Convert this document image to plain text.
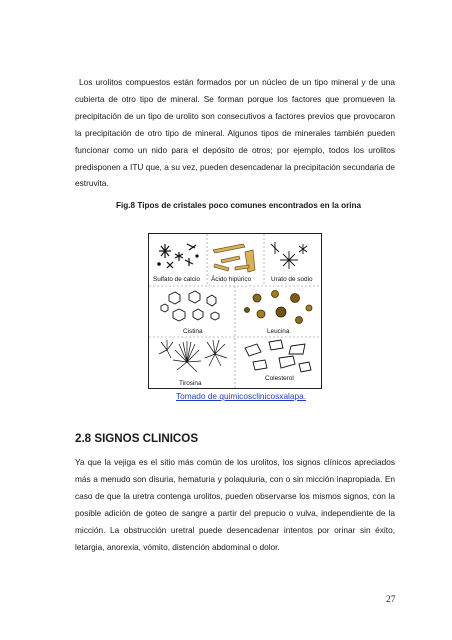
Los urolitos compuestos están formados por un núcleo de un tipo mineral y de una cubierta de otro tipo de mineral. Se forman porque los factores que promueven la precipitación de un tipo de urolito son consecutivos a factores previos que provocaron la precipitación de otro tipo de mineral. Algunos tipos de minerales también pueden funcionar como un nido para el depósito de otros; por ejemplo, todos los urolitos predisponen a ITU que, a su vez, pueden desencadenar la precipitación secundaria de estruvita.

Fig.8 Tipos de cristales poco comunes encontrados en la orina
Sulfato de calcio Ácido hipúrico	Urato de sodio
Cistina	Leucina
Tirosina
Colesterol
Tomado de quimicosclinicosxalapa.
2.8 SIGNOS CLINICOS

Ya que la vejiga es el sitio más común de los urolitos, los signos clínicos apreciados más a menudo son disuria, hematuria y polaquiuria, con o sin micción inapropiada. En caso de que la uretra contenga urolitos, pueden observarse los mismos signos, con la posible adición de goteo de sangre a partir del prepucio o vulva, independiente de la micción. La obstrucción uretral puede desencadenar intentos por orinar sin éxito, letargia, anorexia, vómito, distención abdominal o dolor.

27
